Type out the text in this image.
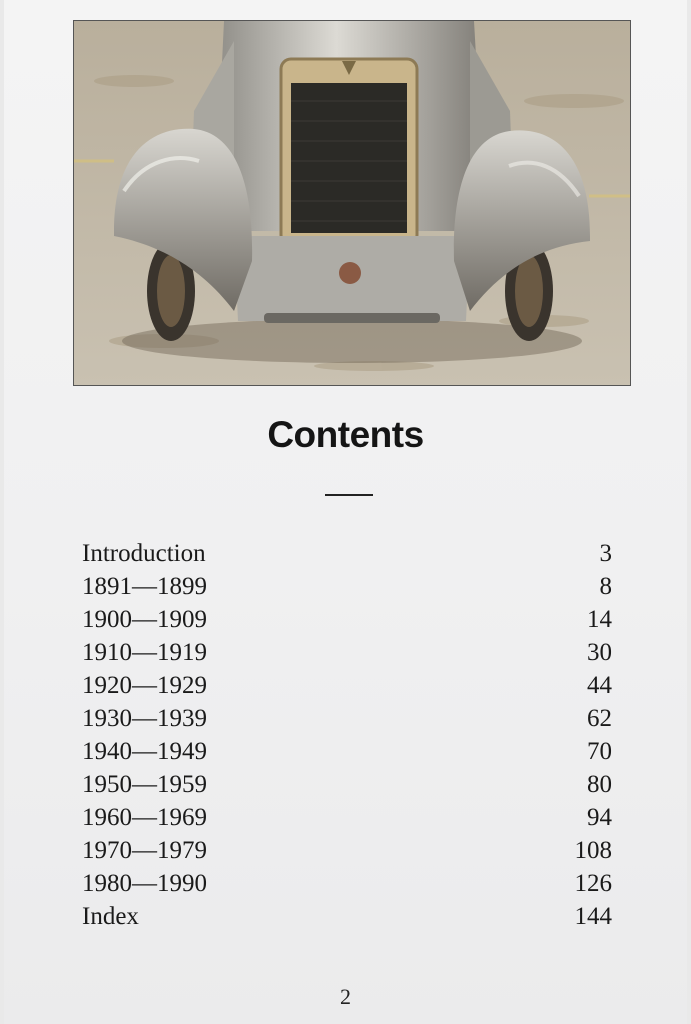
Contents
Introduction	3
1891—1899	8
1900—1909	14
1910—1919	30
1920—1929	44
1930—1939	62
1940—1949	70
1950—1959	80
1960—1969	94
1970—1979	108
1980—1990	126
Index	144
2
